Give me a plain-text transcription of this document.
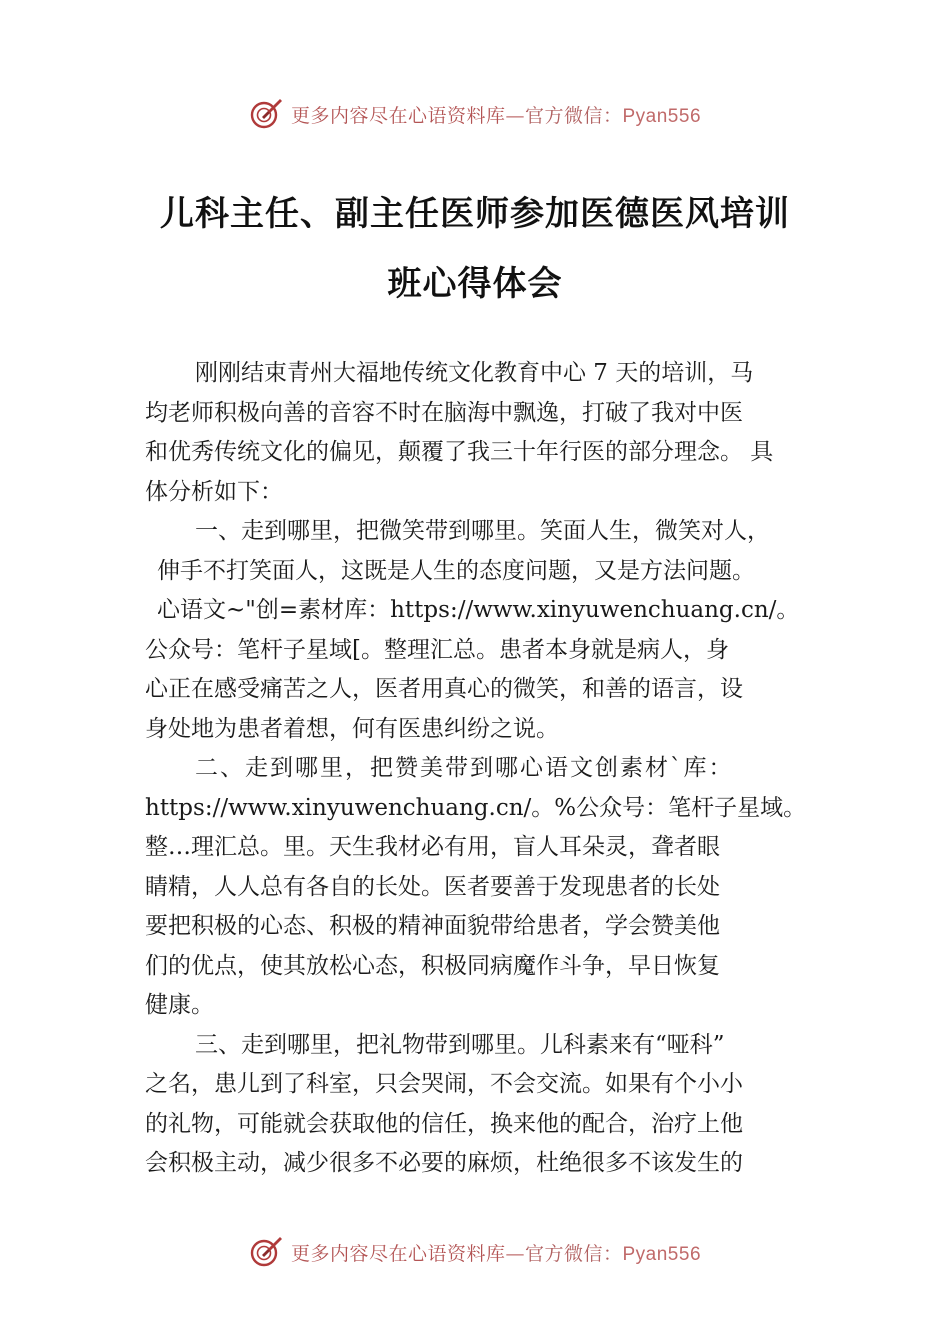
更多内容尽在心语资料库—官方微信：Pyan556
儿科主任、副主任医师参加医德医风培训
班心得体会
刚刚结束青州大福地传统文化教育中心 7 天的培训，马
均老师积极向善的音容不时在脑海中飘逸，打破了我对中医
和优秀传统文化的偏见，颠覆了我三十年行医的部分理念。 具
体分析如下：
一、走到哪里，把微笑带到哪里。笑面人生，微笑对人，
伸手不打笑面人，这既是人生的态度问题，又是方法问题。
心语文~"创=素材库：https://www.xinyuwenchuang.cn/。
公众号：笔杆子星域[。整理汇总。患者本身就是病人，身
心正在感受痛苦之人，医者用真心的微笑，和善的语言，设
身处地为患者着想，何有医患纠纷之说。
二、走到哪里，把赞美带到哪心语文创素材`库：
https://www.xinyuwenchuang.cn/。%公众号：笔杆子星域。
整…理汇总。里。天生我材必有用，盲人耳朵灵，聋者眼
睛精，人人总有各自的长处。医者要善于发现患者的长处
要把积极的心态、积极的精神面貌带给患者，学会赞美他
们的优点，使其放松心态，积极同病魔作斗争，早日恢复
健康。
三、走到哪里，把礼物带到哪里。儿科素来有“哑科”
之名，患儿到了科室，只会哭闹，不会交流。如果有个小小
的礼物，可能就会获取他的信任，换来他的配合，治疗上他
会积极主动，减少很多不必要的麻烦，杜绝很多不该发生的
更多内容尽在心语资料库—官方微信：Pyan556
